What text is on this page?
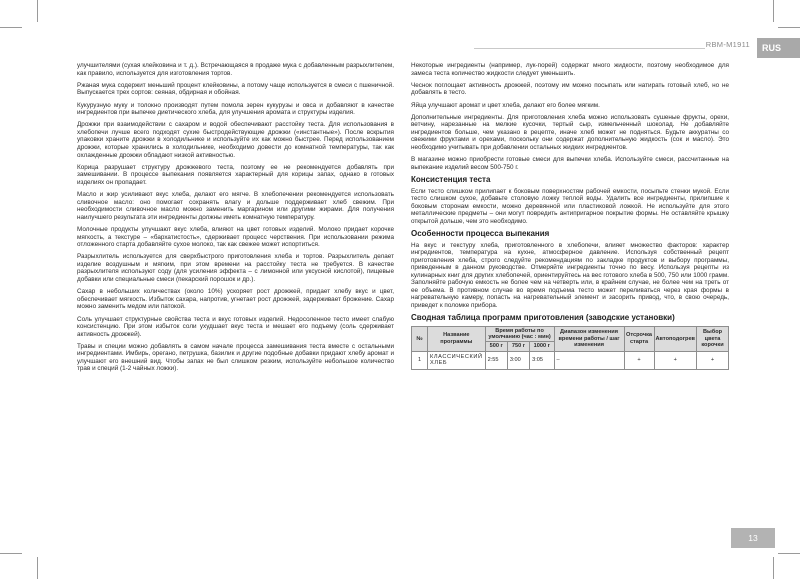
RBM-M1911	RUS

улучшителями (сухая клейковина и т. д.). Встречающаяся в продаже мука с добавленным разрыхлителем, как правило, используется для изготовления тортов.

Ржаная мука содержит меньший процент клейковины, а потому чаще используется в смеси с пшеничной. Выпускается трех сортов: сеяная, обдирная и обойная.

Кукурузную муку и толокно производят путем помола зерен кукурузы и овса и добавляют в качестве ингредиентов при выпечке диетического хлеба, для улучшения аромата и структуры изделия.

Дрожжи при взаимодействии с сахаром и водой обеспечивают расстойку теста. Для использования в хлебопечи лучше всего подходят сухие быстродействующие дрожжи («инстантные»). После вскрытия упаковки храните дрожжи в холодильнике и используйте их как можно быстрее. Перед использованием дрожжи, которые хранились в холодильнике, необходимо довести до комнатной температуры, так как охлажденные дрожжи обладают низкой активностью.

Корица разрушает структуру дрожжевого теста, поэтому ее не рекомендуется добавлять при замешивании. В процессе выпекания появляется характерный для корицы запах, однако в готовых изделиях он пропадает.

Масло и жир усиливают вкус хлеба, делают его мягче. В хлебопечении рекомендуется использовать сливочное масло: оно помогает сохранять влагу и дольше поддерживает хлеб свежим. При необходимости сливочное масло можно заменить маргарином или другими жирами. Для получения наилучшего результата эти ингредиенты должны иметь комнатную температуру.

Молочные продукты улучшают вкус хлеба, влияют на цвет готовых изделий. Молоко придает корочке мягкость, а текстуре – «бархатистость», сдерживает процесс черствения. При использовании режима отложенного старта добавляйте сухое молоко, так как свежее может испортиться.

Разрыхлитель используется для сверхбыстрого приготовления хлеба и тортов. Разрыхлитель делает изделие воздушным и мягким, при этом времени на расстойку теста не требуется. В качестве разрыхлителя используют соду (для усиления эффекта – с лимонной или уксусной кислотой), пищевые добавки или специальные смеси (пекарский порошок и др.).

Сахар в небольших количествах (около 10%) ускоряет рост дрожжей, придает хлебу вкус и цвет, обеспечивает мягкость. Избыток сахара, напротив, угнетает рост дрожжей, задерживает брожение. Сахар можно заменить медом или патокой.

Соль улучшает структурные свойства теста и вкус готовых изделий. Недосоленное тесто имеет слабую консистенцию. При этом избыток соли ухудшает вкус теста и мешает его подъему (соль сдерживает активность дрожжей).

Травы и специи можно добавлять в самом начале процесса замешивания теста вместе с остальными ингредиентами. Имбирь, орегано, петрушка, базилик и другие подобные добавки придают хлебу аромат и улучшают его внешний вид. Чтобы запах не был слишком резким, используйте небольшое количество трав и специй (1-2 чайных ложки).

Некоторые ингредиенты (например, лук-порей) содержат много жидкости, поэтому необходимое для замеса теста количество жидкости следует уменьшить.

Чеснок поглощает активность дрожжей, поэтому им можно посыпать или натирать готовый хлеб, но не добавлять в тесто.

Яйца улучшают аромат и цвет хлеба, делают его более мягким.

Дополнительные ингредиенты. Для приготовления хлеба можно использовать сушеные фрукты, орехи, ветчину, нарезанные на мелкие кусочки, тертый сыр, измельченный шоколад. Не добавляйте ингредиентов больше, чем указано в рецепте, иначе хлеб может не подняться. Будьте аккуратны со свежими фруктами и орехами, поскольку они содержат дополнительную жидкость (сок и масло). Это необходимо учитывать при добавлении остальных жидких ингредиентов.

В магазине можно приобрести готовые смеси для выпечки хлеба. Используйте смеси, рассчитанные на выпекание изделий весом 500-750 г.

Консистенция теста

Если тесто слишком прилипает к боковым поверхностям рабочей емкости, посыпьте стенки мукой. Если тесто слишком сухое, добавьте столовую ложку теплой воды. Удалить все ингредиенты, прилипшие к боковым сторонам емкости, можно деревянной или пластиковой ложкой. Не используйте для этого металлические предметы – они могут повредить антипригарное покрытие формы. Не оставляйте крышку открытой дольше, чем это необходимо.

Особенности процесса выпекания

На вкус и текстуру хлеба, приготовленного в хлебопечи, влияет множество факторов: характер ингредиентов, температура на кухне, атмосферное давление. Используя собственный рецепт приготовления хлеба, строго следуйте рекомендациям по закладке продуктов и выбору программы, приведенным в данном руководстве. Отмеряйте ингредиенты точно по весу. Используя рецепты из кулинарных книг для других хлебопечей, ориентируйтесь на вес готового хлеба в 500, 750 или 1000 грамм. Заполняйте рабочую емкость не более чем на четверть или, в крайнем случае, не более чем на треть от ее объема. В противном случае во время подъема тесто может переливаться через края формы в нагревательную камеру, попасть на нагревательный элемент и засорить привод, что, в свою очередь, приведет к поломке прибора.

Сводная таблица программ приготовления (заводские установки)
№	Название программы	Время работы по умолчанию (час : мин)			Диапазон изменения времени работы / шаг изменения	Отсрочка старта	Автоподогрев	Выбор цвета корочки
		500 г	750 г	1000 г				
1	КЛАССИЧЕСКИЙ ХЛЕБ	2:55	3:00	3:05	–	+	+	+
13
